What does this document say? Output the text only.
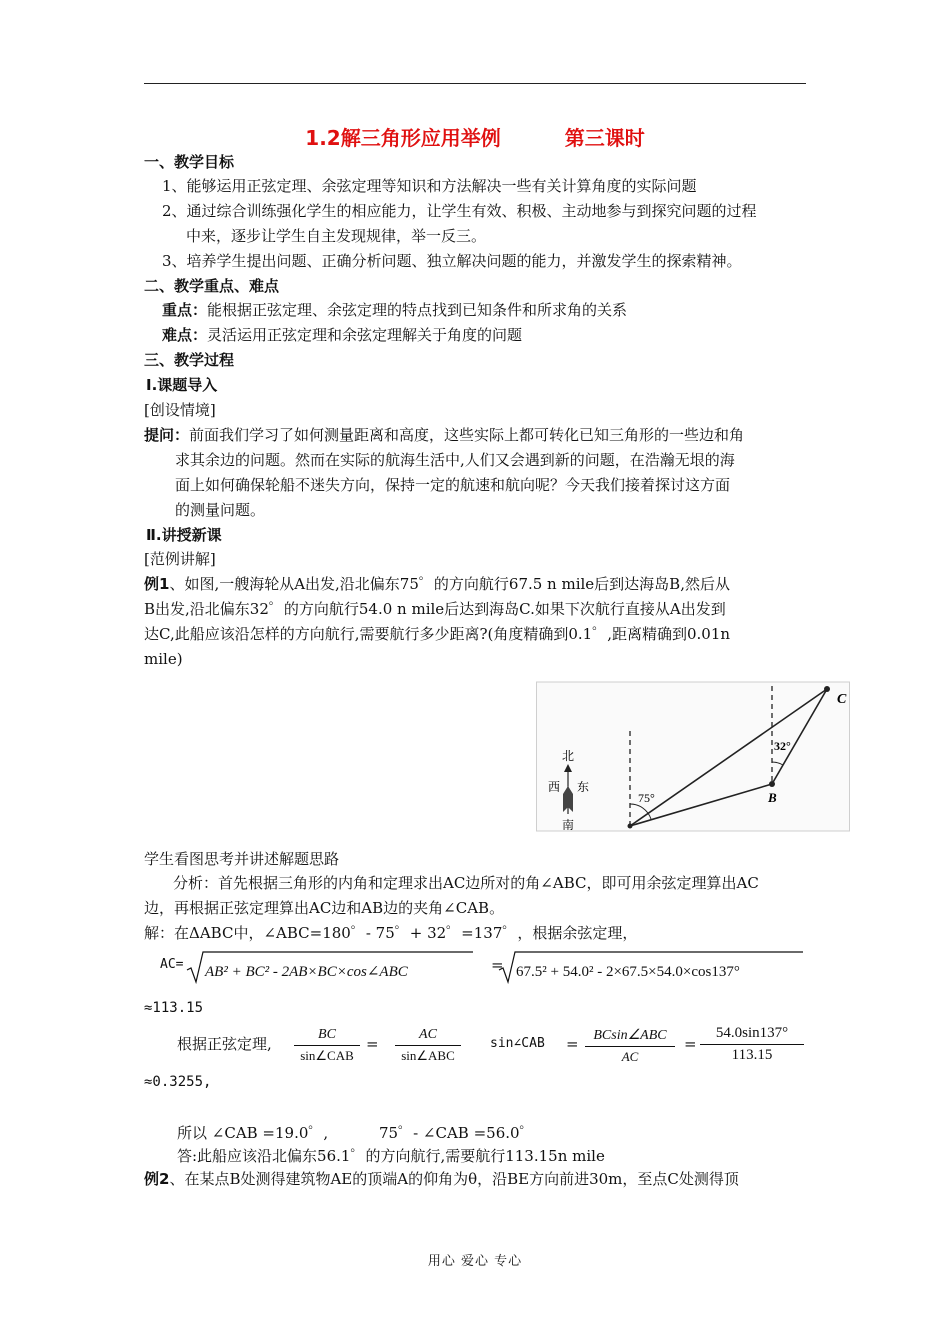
1.2解三角形应用举例	第三课时
一、教学目标
1、能够运用正弦定理、余弦定理等知识和方法解决一些有关计算角度的实际问题
2、通过综合训练强化学生的相应能力，让学生有效、积极、主动地参与到探究问题的过程
中来，逐步让学生自主发现规律，举一反三。
3、培养学生提出问题、正确分析问题、独立解决问题的能力，并激发学生的探索精神。
二、教学重点、难点
重点：能根据正弦定理、余弦定理的特点找到已知条件和所求角的关系
难点：灵活运用正弦定理和余弦定理解关于角度的问题
三、教学过程
Ⅰ.课题导入
[创设情境]
提问：前面我们学习了如何测量距离和高度，这些实际上都可转化已知三角形的一些边和角
求其余边的问题。然而在实际的航海生活中,人们又会遇到新的问题，在浩瀚无垠的海
面上如何确保轮船不迷失方向，保持一定的航速和航向呢？今天我们接着探讨这方面
的测量问题。
Ⅱ.讲授新课
[范例讲解]
例1、如图,一艘海轮从A出发,沿北偏东75゜的方向航行67.5 n mile后到达海岛B,然后从
B出发,沿北偏东32゜的方向航行54.0 n mile后达到海岛C.如果下次航行直接从A出发到
达C,此船应该沿怎样的方向航行,需要航行多少距离?(角度精确到0.1゜,距离精确到0.01n
mile)
75°
32°
B
C
北
西 东
南
学生看图思考并讲述解题思路
分析：首先根据三角形的内角和定理求出AC边所对的角∠ABC，即可用余弦定理算出AC
边，再根据正弦定理算出AC边和AB边的夹角∠CAB。
解：在ΔABC中，∠ABC=180゜- 75゜+ 32゜=137゜，根据余弦定理，
AC= AB² + BC² - 2AB×BC×cos∠ABC	= 67.5² + 54.0² - 2×67.5×54.0×cos137°
≈113.15
根据正弦定理,
BC
sin∠CAB
=
AC
sin∠ABC
sin∠CAB =	BCsin∠ABC
AC
= $\frac{54.0\sin 137^\circ}{113.15}$
≈0.3255,
所以 ∠CAB =19.0゜,	75゜- ∠CAB =56.0゜
答:此船应该沿北偏东56.1゜的方向航行,需要航行113.15n mile
例2、在某点B处测得建筑物AE的顶端A的仰角为θ，沿BE方向前进30m，至点C处测得顶
用心 爱心 专心
